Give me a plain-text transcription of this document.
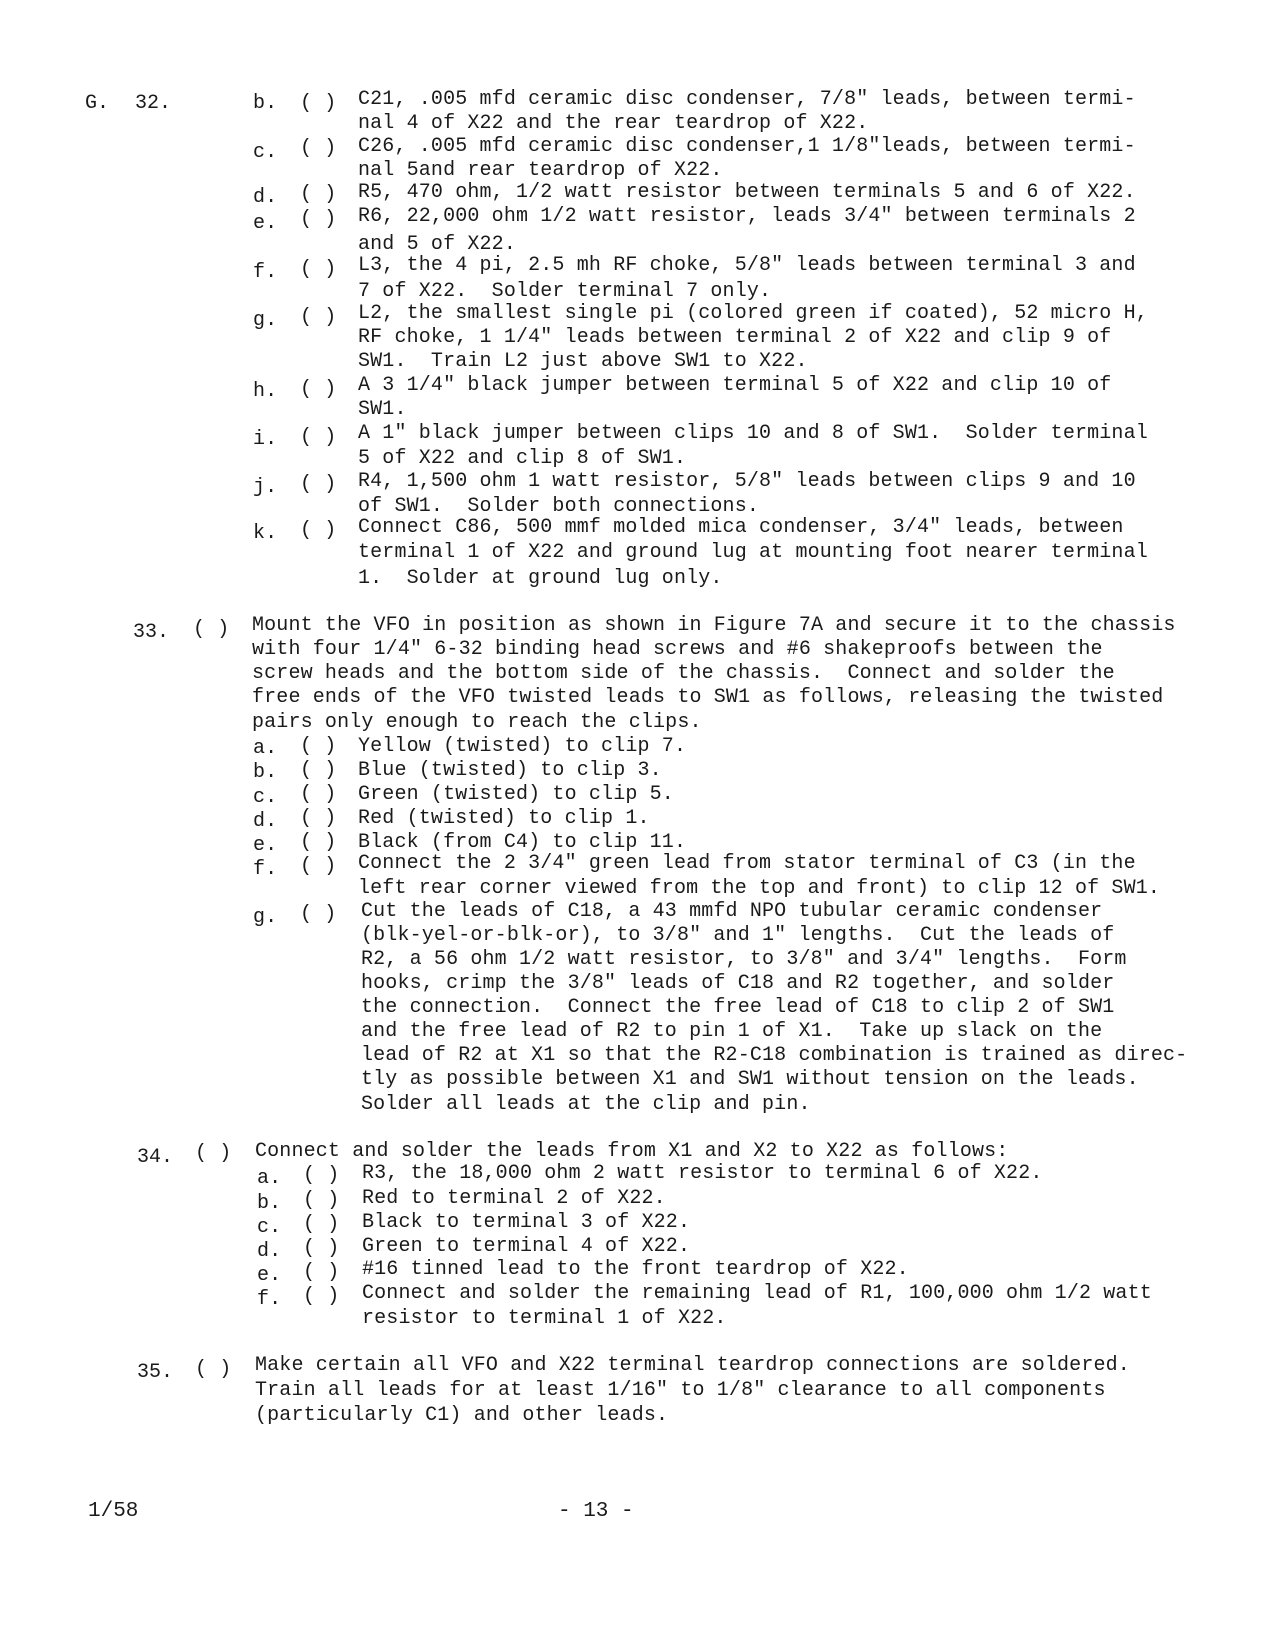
G. 32.	b. ( ) C21, .005 mfd ceramic disc condenser, 7/8" leads, between termi-
nal 4 of X22 and the rear teardrop of X22.
c. ( ) C26, .005 mfd ceramic disc condenser,1 1/8"leads, between termi-
nal 5and rear teardrop of X22.
d. ( ) R5, 470 ohm, 1/2 watt resistor between terminals 5 and 6 of X22.
e. ( ) R6, 22,000 ohm 1/2 watt resistor, leads 3/4" between terminals 2
and 5 of X22.
f. ( ) L3, the 4 pi, 2.5 mh RF choke, 5/8" leads between terminal 3 and
7 of X22.  Solder terminal 7 only.
g. ( ) L2, the smallest single pi (colored green if coated), 52 micro H,
RF choke, 1 1/4" leads between terminal 2 of X22 and clip 9 of
SW1.  Train L2 just above SW1 to X22.
h. ( ) A 3 1/4" black jumper between terminal 5 of X22 and clip 10 of
SW1.
i. ( ) A 1" black jumper between clips 10 and 8 of SW1.  Solder terminal
5 of X22 and clip 8 of SW1.
j. ( ) R4, 1,500 ohm 1 watt resistor, 5/8" leads between clips 9 and 10
of SW1.  Solder both connections.
k. ( ) Connect C86, 500 mmf molded mica condenser, 3/4" leads, between
terminal 1 of X22 and ground lug at mounting foot nearer terminal
1.  Solder at ground lug only.
33. ( ) Mount the VFO in position as shown in Figure 7A and secure it to the chassis
with four 1/4" 6-32 binding head screws and #6 shakeproofs between the
screw heads and the bottom side of the chassis.  Connect and solder the
free ends of the VFO twisted leads to SW1 as follows, releasing the twisted
pairs only enough to reach the clips.
a. ( ) Yellow (twisted) to clip 7.
b. ( ) Blue (twisted) to clip 3.
c. ( ) Green (twisted) to clip 5.
d. ( ) Red (twisted) to clip 1.
e. ( ) Black (from C4) to clip 11.
f. ( ) Connect the 2 3/4" green lead from stator terminal of C3 (in the
left rear corner viewed from the top and front) to clip 12 of SW1.
g. ( ) Cut the leads of C18, a 43 mmfd NPO tubular ceramic condenser
(blk-yel-or-blk-or), to 3/8" and 1" lengths.  Cut the leads of
R2, a 56 ohm 1/2 watt resistor, to 3/8" and 3/4" lengths.  Form
hooks, crimp the 3/8" leads of C18 and R2 together, and solder
the connection.  Connect the free lead of C18 to clip 2 of SW1
and the free lead of R2 to pin 1 of X1.  Take up slack on the
lead of R2 at X1 so that the R2-C18 combination is trained as direc-
tly as possible between X1 and SW1 without tension on the leads.
Solder all leads at the clip and pin.
34. ( ) Connect and solder the leads from X1 and X2 to X22 as follows:
a. ( ) R3, the 18,000 ohm 2 watt resistor to terminal 6 of X22.
b. ( ) Red to terminal 2 of X22.
c. ( ) Black to terminal 3 of X22.
d. ( ) Green to terminal 4 of X22.
e. ( ) #16 tinned lead to the front teardrop of X22.
f. ( ) Connect and solder the remaining lead of R1, 100,000 ohm 1/2 watt
resistor to terminal 1 of X22.
35. ( ) Make certain all VFO and X22 terminal teardrop connections are soldered.
Train all leads for at least 1/16" to 1/8" clearance to all components
(particularly C1) and other leads.
1/58	- 13 -
